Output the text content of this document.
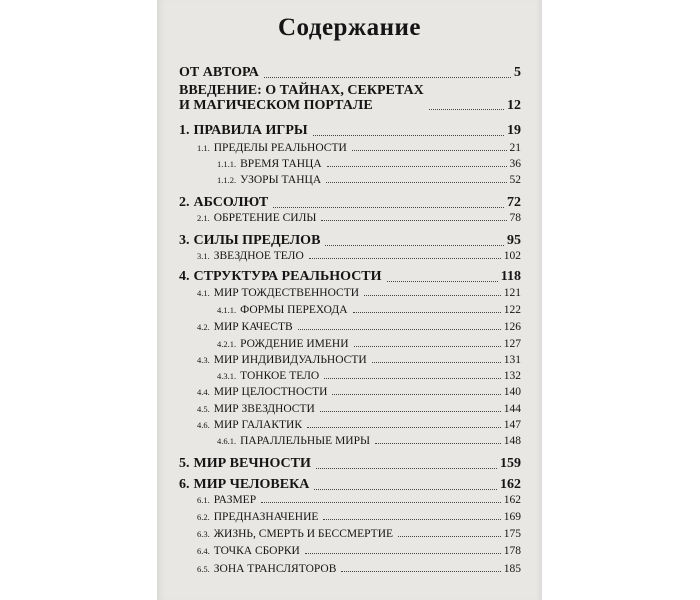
Содержание
ОТ АВТОРА	5
ВВЕДЕНИЕ: О ТАЙНАХ, СЕКРЕТАХ
И МАГИЧЕСКОМ ПОРТАЛЕ	12
1. ПРАВИЛА ИГРЫ	19
1.1. ПРЕДЕЛЫ РЕАЛЬНОСТИ	21
1.1.1. ВРЕМЯ ТАНЦА	36
1.1.2. УЗОРЫ ТАНЦА	52
2. АБСОЛЮТ	72
2.1. ОБРЕТЕНИЕ СИЛЫ	78
3. СИЛЫ ПРЕДЕЛОВ	95
3.1. ЗВЕЗДНОЕ ТЕЛО	102
4. СТРУКТУРА РЕАЛЬНОСТИ	118
4.1. МИР ТОЖДЕСТВЕННОСТИ	121
4.1.1. ФОРМЫ ПЕРЕХОДА	122
4.2. МИР КАЧЕСТВ	126
4.2.1. РОЖДЕНИЕ ИМЕНИ	127
4.3. МИР ИНДИВИДУАЛЬНОСТИ	131
4.3.1. ТОНКОЕ ТЕЛО	132
4.4. МИР ЦЕЛОСТНОСТИ	140
4.5. МИР ЗВЕЗДНОСТИ	144
4.6. МИР ГАЛАКТИК	147
4.6.1. ПАРАЛЛЕЛЬНЫЕ МИРЫ	148
5. МИР ВЕЧНОСТИ	159
6. МИР ЧЕЛОВЕКА	162
6.1. РАЗМЕР	162
6.2. ПРЕДНАЗНАЧЕНИЕ	169
6.3. ЖИЗНЬ, СМЕРТЬ И БЕССМЕРТИЕ	175
6.4. ТОЧКА СБОРКИ	178
6.5. ЗОНА ТРАНСЛЯТОРОВ	185
